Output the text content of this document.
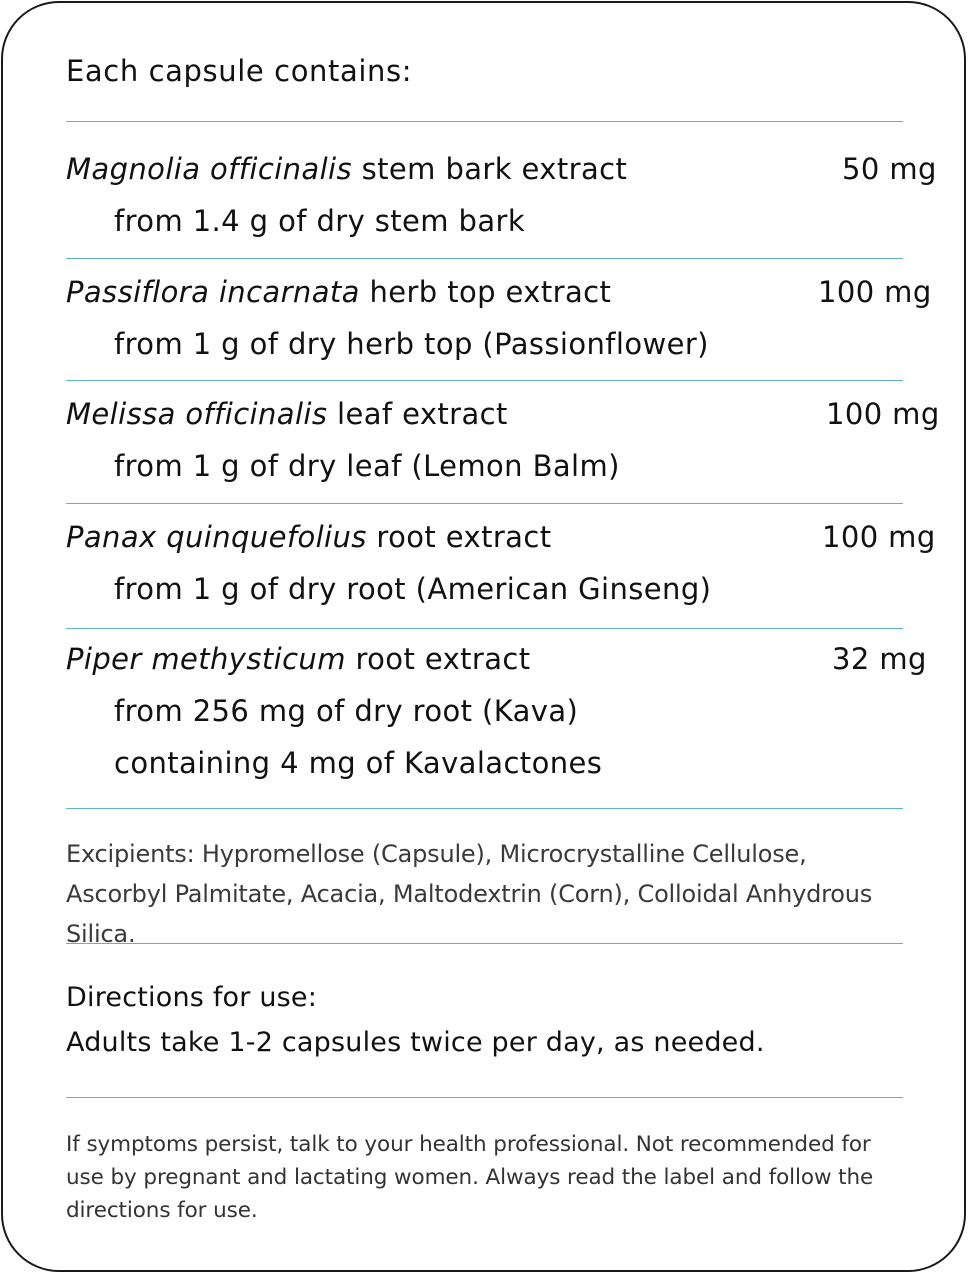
Each capsule contains:
Magnolia officinalis stem bark extract	50 mg
from 1.4 g of dry stem bark
Passiflora incarnata herb top extract	100 mg
from 1 g of dry herb top (Passionflower)
Melissa officinalis leaf extract	100 mg
from 1 g of dry leaf (Lemon Balm)
Panax quinquefolius root extract	100 mg
from 1 g of dry root (American Ginseng)
Piper methysticum root extract	32 mg
from 256 mg of dry root (Kava)
containing 4 mg of Kavalactones
Excipients: Hypromellose (Capsule), Microcrystalline Cellulose, Ascorbyl Palmitate, Acacia, Maltodextrin (Corn), Colloidal Anhydrous Silica.
Directions for use:
Adults take 1-2 capsules twice per day, as needed.
If symptoms persist, talk to your health professional. Not recommended for use by pregnant and lactating women. Always read the label and follow the directions for use.
